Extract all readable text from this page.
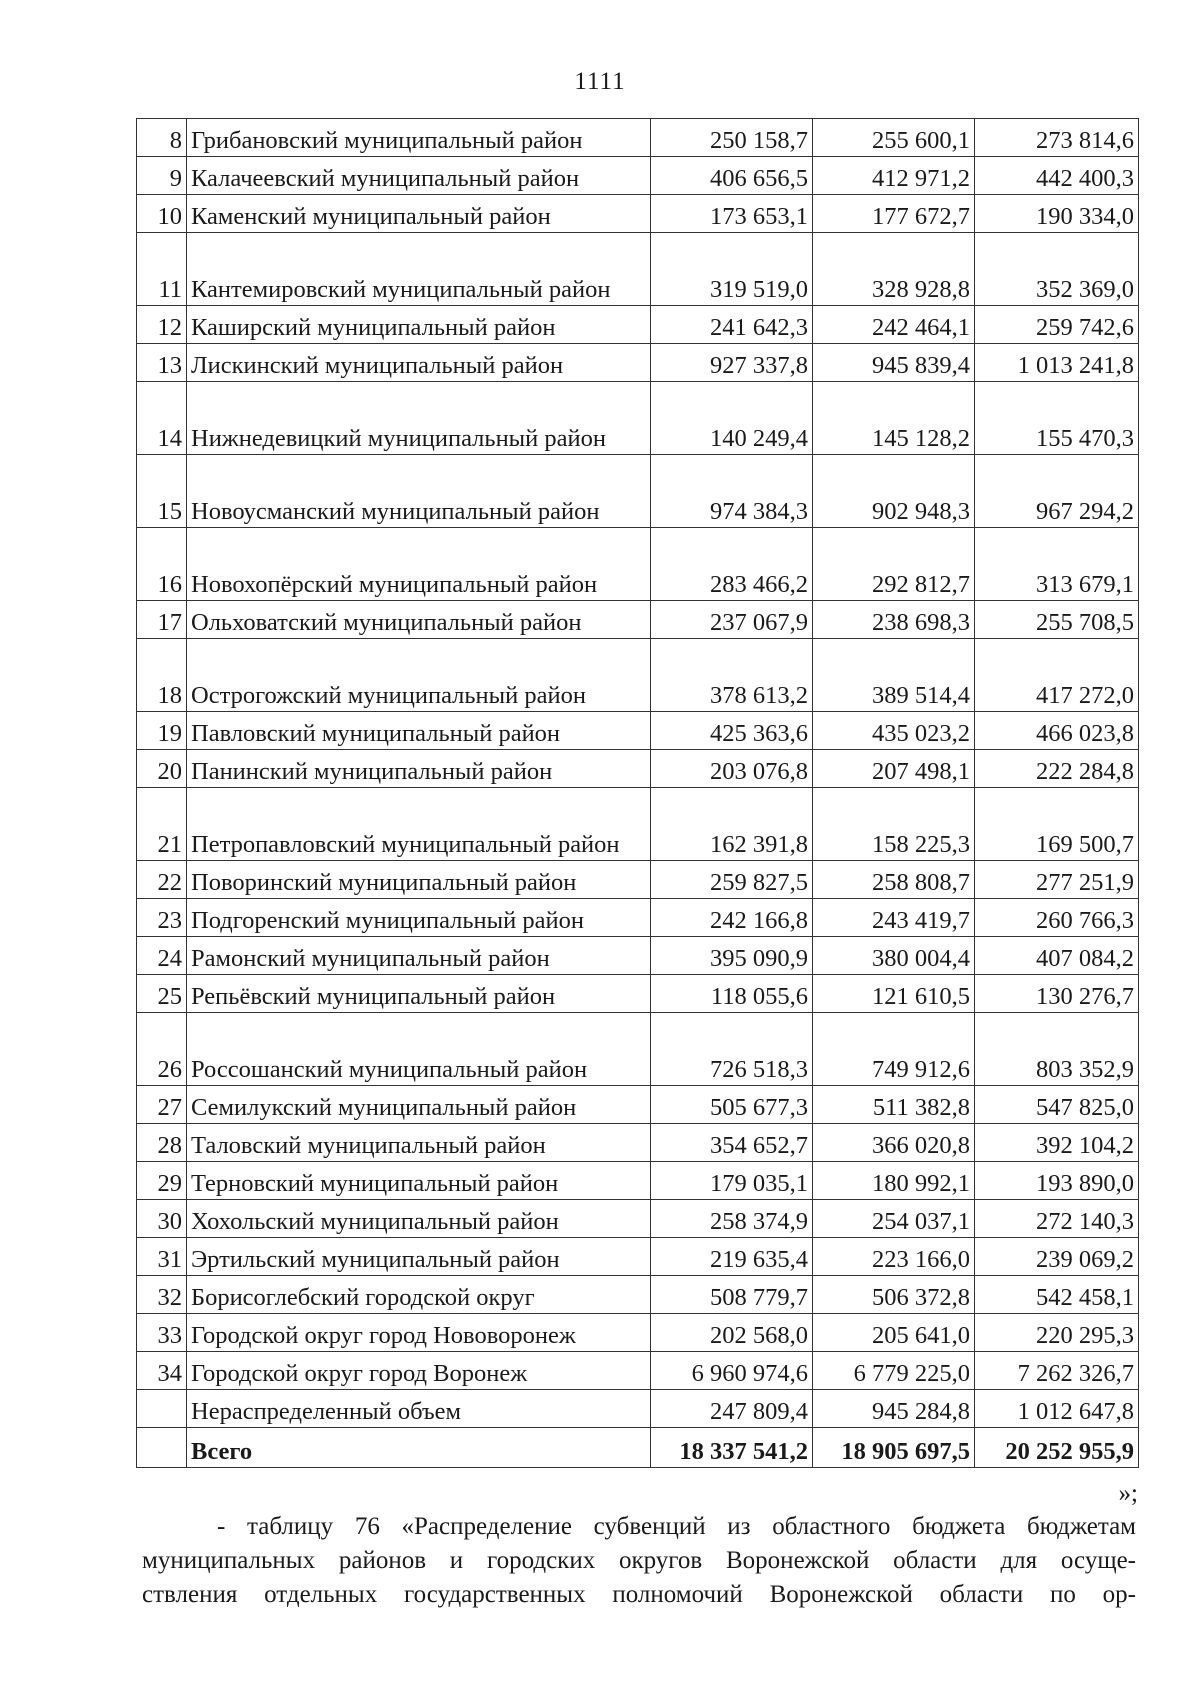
1111
8	Грибановский муниципальный район	250 158,7	255 600,1	273 814,6
9	Калачеевский муниципальный район	406 656,5	412 971,2	442 400,3
10	Каменский муниципальный район	173 653,1	177 672,7	190 334,0
11	Кантемировский муниципальный район	319 519,0	328 928,8	352 369,0
12	Каширский муниципальный район	241 642,3	242 464,1	259 742,6
13	Лискинский муниципальный район	927 337,8	945 839,4	1 013 241,8
14	Нижнедевицкий муниципальный район	140 249,4	145 128,2	155 470,3
15	Новоусманский муниципальный район	974 384,3	902 948,3	967 294,2
16	Новохопёрский муниципальный район	283 466,2	292 812,7	313 679,1
17	Ольховатский муниципальный район	237 067,9	238 698,3	255 708,5
18	Острогожский муниципальный район	378 613,2	389 514,4	417 272,0
19	Павловский муниципальный район	425 363,6	435 023,2	466 023,8
20	Панинский муниципальный район	203 076,8	207 498,1	222 284,8
21	Петропавловский муниципальный район	162 391,8	158 225,3	169 500,7
22	Поворинский муниципальный район	259 827,5	258 808,7	277 251,9
23	Подгоренский муниципальный район	242 166,8	243 419,7	260 766,3
24	Рамонский муниципальный район	395 090,9	380 004,4	407 084,2
25	Репьёвский муниципальный район	118 055,6	121 610,5	130 276,7
26	Россошанский муниципальный район	726 518,3	749 912,6	803 352,9
27	Семилукский муниципальный район	505 677,3	511 382,8	547 825,0
28	Таловский муниципальный район	354 652,7	366 020,8	392 104,2
29	Терновский муниципальный район	179 035,1	180 992,1	193 890,0
30	Хохольский муниципальный район	258 374,9	254 037,1	272 140,3
31	Эртильский муниципальный район	219 635,4	223 166,0	239 069,2
32	Борисоглебский городской округ	508 779,7	506 372,8	542 458,1
33	Городской округ город Нововоронеж	202 568,0	205 641,0	220 295,3
34	Городской округ город Воронеж	6 960 974,6	6 779 225,0	7 262 326,7
	Нераспределенный объем	247 809,4	945 284,8	1 012 647,8
	Всего	18 337 541,2	18 905 697,5	20 252 955,9
»;
- таблицу 76 «Распределение субвенций из областного бюджета бюджетам
муниципальных районов и городских округов Воронежской области для осуще-
ствления отдельных государственных полномочий Воронежской области по ор-
